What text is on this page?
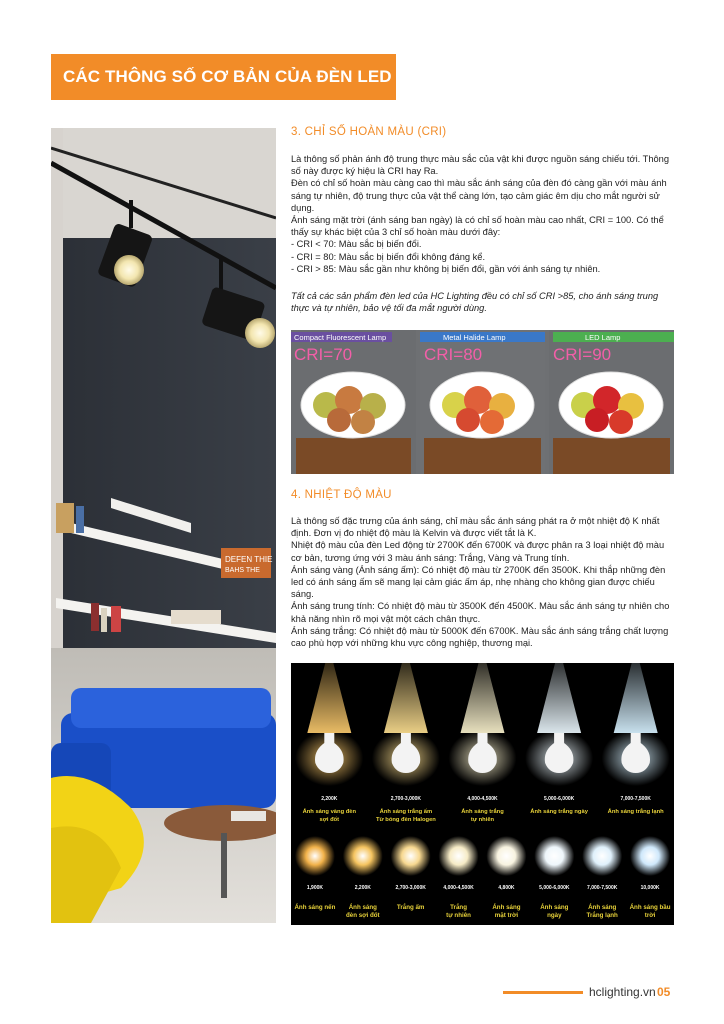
CÁC THÔNG SỐ CƠ BẢN CỦA ĐÈN LED
DEFEN THIE
BAHS THE
3. CHỈ SỐ HOÀN MÀU (CRI)

Là thông số phản ánh độ trung thực màu sắc của vật khi được nguồn sáng chiếu tới. Thông số này được ký hiệu là CRI hay Ra.

Đèn có chỉ số hoàn màu càng cao thì màu sắc ánh sáng của đèn đó càng gần với màu ánh sáng tự nhiên, độ trung thực của vật thể càng lớn, tạo cảm giác êm dịu cho mắt người sử dụng.

Ánh sáng mặt trời (ánh sáng ban ngày) là có chỉ số hoàn màu cao nhất, CRI = 100. Có thể thấy sự khác biệt của 3 chỉ số hoàn màu dưới đây:

- CRI < 70: Màu sắc bị biến đổi.

- CRI = 80: Màu sắc bị biến đổi không đáng kể.

- CRI > 85: Màu sắc gần như không bị biến đổi, gần với ánh sáng tự nhiên.

Tất cả các sản phẩm đèn led của HC Lighting đều có chỉ số CRI >85, cho ánh sáng trung thực và tự nhiên, bảo vệ tối đa mắt người dùng.
Compact Fluorescent Lamp
CRI=70
Metal Halide Lamp
CRI=80
LED Lamp
CRI=90
4. NHIỆT ĐỘ MÀU

Là thông số đặc trưng của ánh sáng, chỉ màu sắc ánh sáng phát ra ở một nhiệt độ K nhất định. Đơn vị đo nhiệt độ màu là Kelvin và được viết tắt là K.

Nhiệt độ màu của đèn Led động từ 2700K đến 6700K và được phân ra 3 loại nhiệt độ màu cơ bản, tương ứng với 3 màu ánh sáng: Trắng, Vàng và Trung tính.

Ánh sáng vàng (Ánh sáng ấm): Có nhiệt độ màu từ 2700K đến 3500K. Khi thắp những đèn led có ánh sáng ấm sẽ mang lại cảm giác ấm áp, nhẹ nhàng cho không gian được chiếu sáng.

Ánh sáng trung tính: Có nhiệt độ màu từ 3500K đến 4500K. Màu sắc ánh sáng tự nhiên cho khả năng nhìn rõ mọi vật một cách chân thực.

Ánh sáng trắng: Có nhiệt độ màu từ 5000K đến 6700K. Màu sắc ánh sáng trắng chất lượng cao phù hợp với những khu vực công nghiệp, thương mại.

2,200K
Ánh sáng vàng đèn
sợi đốt
2,700-3,000K
Ánh sáng trắng ấm
Từ bóng đèn Halogen
4,000-4,500K
Ánh sáng trắng
tự nhiên
5,000-6,000K
Ánh sáng trắng ngày
7,000-7,500K
Ánh sáng trắng lạnh
1,900K
Ánh sáng nến
2,200K
Ánh sáng
đèn sợi đốt
2,700-3,000K
Trắng ấm
4,000-4,500K
Trắng
tự nhiên
4,800K
Ánh sáng
mặt trời
5,000-6,000K
Ánh sáng
ngày
7,000-7,500K
Ánh sáng
Trắng lạnh
10,000K
Ánh sáng bầu
trời
hclighting.vn 05
